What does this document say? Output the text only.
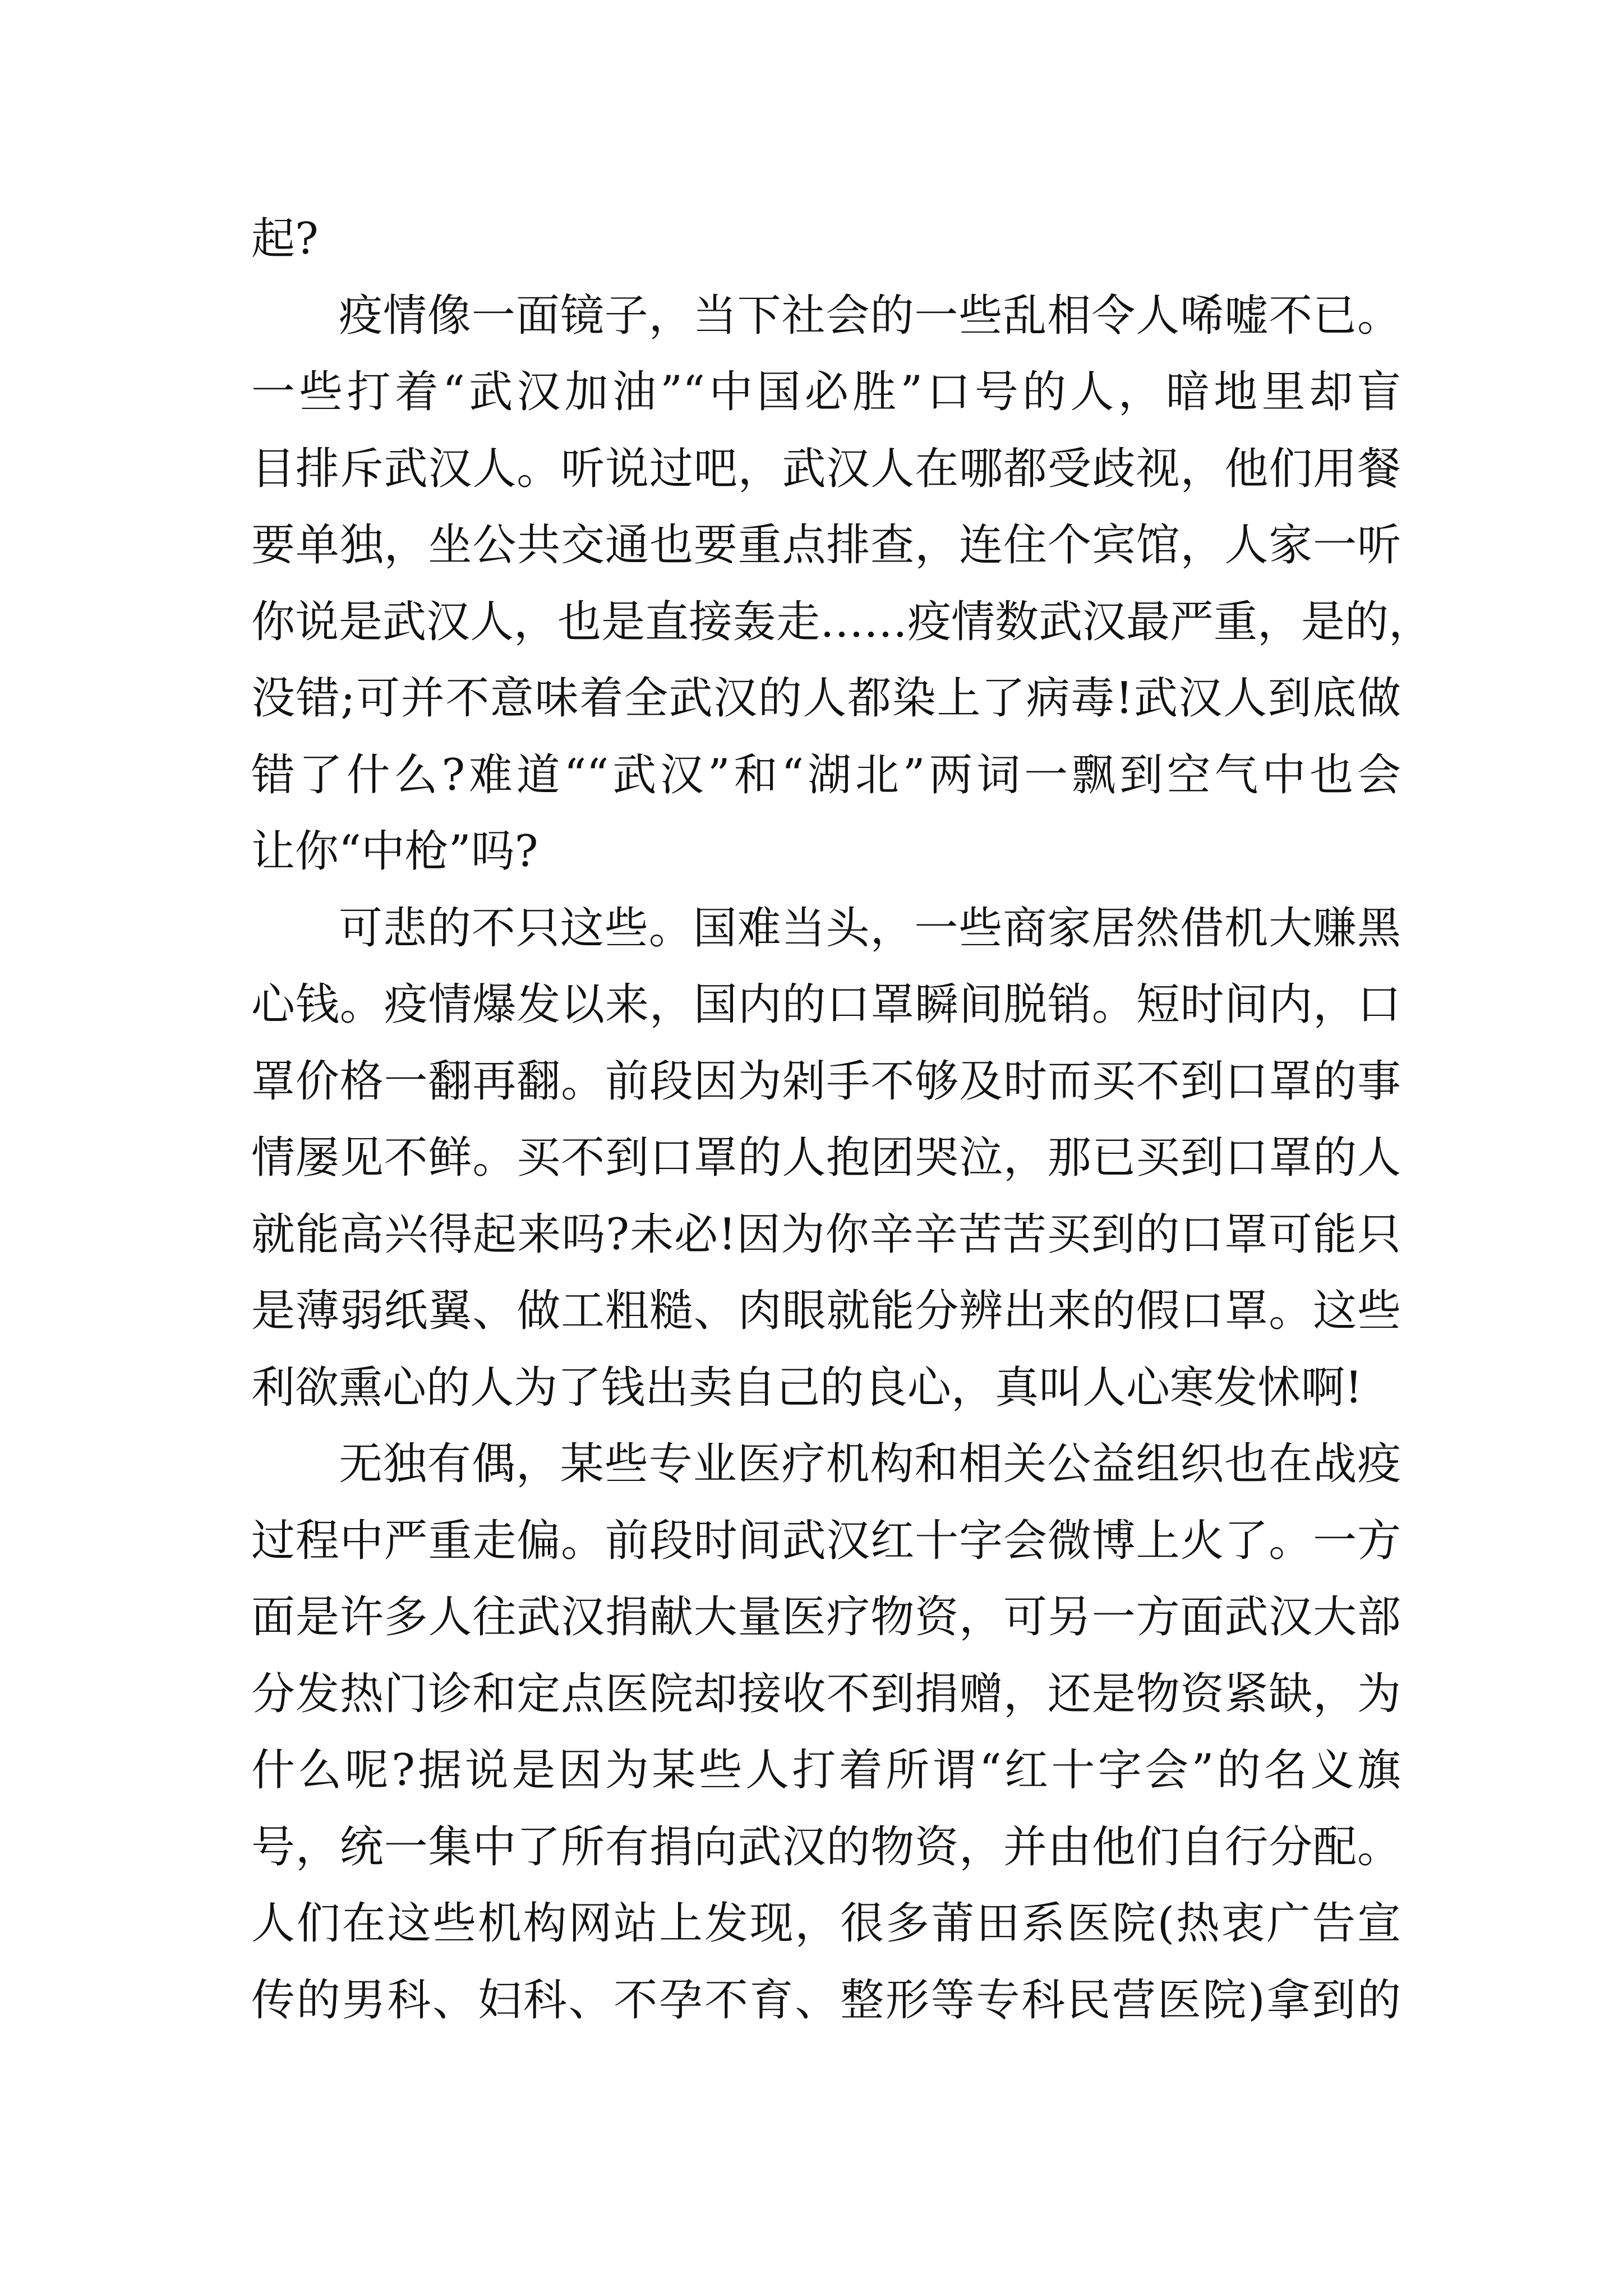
起?
疫情像一面镜子，当下社会的一些乱相令人唏嘘不已。
一些打着“武汉加油”“中国必胜”口号的人，暗地里却盲
目排斥武汉人。听说过吧，武汉人在哪都受歧视，他们用餐
要单独，坐公共交通也要重点排查，连住个宾馆，人家一听
你说是武汉人，也是直接轰走……疫情数武汉最严重，是的，
没错;可并不意味着全武汉的人都染上了病毒!武汉人到底做
错了什么?难道““武汉”和“湖北”两词一飘到空气中也会
让你“中枪”吗?
可悲的不只这些。国难当头，一些商家居然借机大赚黑
心钱。疫情爆发以来，国内的口罩瞬间脱销。短时间内，口
罩价格一翻再翻。前段因为剁手不够及时而买不到口罩的事
情屡见不鲜。买不到口罩的人抱团哭泣，那已买到口罩的人
就能高兴得起来吗?未必!因为你辛辛苦苦买到的口罩可能只
是薄弱纸翼、做工粗糙、肉眼就能分辨出来的假口罩。这些
利欲熏心的人为了钱出卖自己的良心，真叫人心寒发怵啊!
无独有偶，某些专业医疗机构和相关公益组织也在战疫
过程中严重走偏。前段时间武汉红十字会微博上火了。一方
面是许多人往武汉捐献大量医疗物资，可另一方面武汉大部
分发热门诊和定点医院却接收不到捐赠，还是物资紧缺，为
什么呢?据说是因为某些人打着所谓“红十字会”的名义旗
号，统一集中了所有捐向武汉的物资，并由他们自行分配。
人们在这些机构网站上发现，很多莆田系医院(热衷广告宣
传的男科、妇科、不孕不育、整形等专科民营医院)拿到的
